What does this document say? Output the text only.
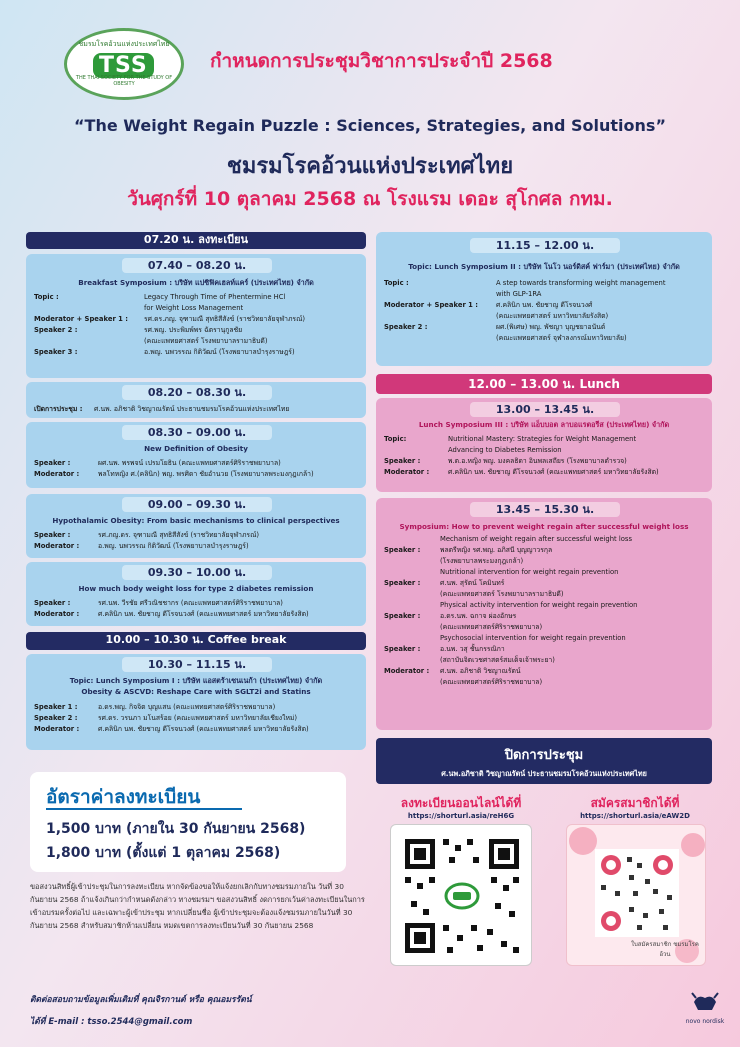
ชมรมโรคอ้วนแห่งประเทศไทย
TSS
THE THAI SOCIETY FOR THE STUDY OF OBESITY
กำหนดการประชุมวิชาการประจำปี 2568
“The Weight Regain Puzzle : Sciences, Strategies, and Solutions”
ชมรมโรคอ้วนแห่งประเทศไทย
วันศุกร์ที่ 10 ตุลาคม 2568 ณ โรงแรม เดอะ สุโกศล กทม.
07.20 น. ลงทะเบียน
07.40 – 08.20 น.
Breakfast Symposium : บริษัท แปซิฟิคเฮลท์แคร์ (ประเทศไทย) จำกัด
Topic :	Legacy Through Time of Phentermine HCl
for Weight Loss Management
Moderator + Speaker 1 : รศ.ดร.ภญ. จุฑามณี สุทธิสีสังข์ (ราชวิทยาลัยจุฬาภรณ์)
Speaker 2 :	รศ.พญ. ประพิมพ์พร ฉัตรานุกูลชัย
(คณะแพทยศาสตร์ โรงพยาบาลรามาธิบดี)
Speaker 3 :	อ.พญ. นพวรรณ กิติวัฒน์ (โรงพยาบาลบำรุงราษฎร์)
08.20 – 08.30 น.
เปิดการประชุม : ศ.นพ. อภิชาติ วิชญาณรัตน์ ประธานชมรมโรคอ้วนแห่งประเทศไทย
08.30 – 09.00 น.
New Definition of Obesity
Speaker :	ผศ.นพ. พรพจน์ เปรมโยธิน (คณะแพทยศาสตร์ศิริราชพยาบาล)
Moderator :	พลโทหญิง ศ.(คลินิก) พญ. พรศิดา ชัยอำนวย (โรงพยาบาลพระมงกุฎเกล้า)
09.00 – 09.30 น.
Hypothalamic Obesity: From basic mechanisms to clinical perspectives
Speaker :	รศ.ภญ.ดร. จุฑามณี สุทธิสีสังข์ (ราชวิทยาลัยจุฬาภรณ์)
Moderator :	อ.พญ. นพวรรณ กิติวัฒน์ (โรงพยาบาลบำรุงราษฎร์)
09.30 – 10.00 น.
How much body weight loss for type 2 diabetes remission
Speaker :	รศ.นพ. วีรชัย ศรีวณิชชากร (คณะแพทยศาสตร์ศิริราชพยาบาล)
Moderator :	ศ.คลินิก นพ. ชัยชาญ ดีโรจนวงศ์ (คณะแพทยศาสตร์ มหาวิทยาลัยรังสิต)
10.00 – 10.30 น. Coffee break
10.30 – 11.15 น.
Topic: Lunch Symposium I : บริษัท แอสตร้าเซนเนก้า (ประเทศไทย) จำกัด
Obesity & ASCVD: Reshape Care with SGLT2i and Statins
Speaker 1 :	อ.ดร.พญ. กิจจิต บุญแสน (คณะแพทยศาสตร์ศิริราชพยาบาล)
Speaker 2 :	รศ.ดร. วรนภา มโนสร้อย (คณะแพทยศาสตร์ มหาวิทยาลัยเชียงใหม่)
Moderator :	ศ.คลินิก นพ. ชัยชาญ ดีโรจนวงศ์ (คณะแพทยศาสตร์ มหาวิทยาลัยรังสิต)
11.15 – 12.00 น.
Topic: Lunch Symposium II : บริษัท โนโว นอร์ดิสค์ ฟาร์มา (ประเทศไทย) จำกัด
Topic :	A step towards transforming weight management
with GLP-1RA
Moderator + Speaker 1 :	ศ.คลินิก นพ. ชัยชาญ ดีโรจนวงศ์
(คณะแพทยศาสตร์ มหาวิทยาลัยรังสิต)
Speaker 2 :	ผศ.(พิเศษ) พญ. พัชญา บุญชยาอนันต์
(คณะแพทยศาสตร์ จุฬาลงกรณ์มหาวิทยาลัย)
12.00 – 13.00 น. Lunch
13.00 – 13.45 น.
Lunch Symposium III : บริษัท แอ็บบอต ลาบอแรตอรีส (ประเทศไทย) จำกัด
Topic:	Nutritional Mastery: Strategies for Weight Management
Advancing to Diabetes Remission
Speaker :	พ.ต.อ.หญิง พญ. มงคลธิดา อินพลเสถียร (โรงพยาบาลตำรวจ)
Moderator :	ศ.คลินิก นพ. ชัยชาญ ดีโรจนวงศ์ (คณะแพทยศาสตร์ มหาวิทยาลัยรังสิต)
13.45 – 15.30 น.
Symposium: How to prevent weight regain after successful weight loss
Mechanism of weight regain after successful weight loss
Speaker :	พลตรีหญิง รศ.พญ. อภิสนี บุญญาวรกุล
(โรงพยาบาลพระมงกุฎเกล้า)
Nutritional intervention for weight regain prevention
Speaker :	ศ.นพ. สุรัตน์ โคมินทร์
(คณะแพทยศาสตร์ โรงพยาบาลรามาธิบดี)
Physical activity intervention for weight regain prevention
Speaker :	อ.ดร.นพ. ฉกาจ ผ่องอักษร
(คณะแพทยศาสตร์ศิริราชพยาบาล)
Psychosocial intervention for weight regain prevention
Speaker :	อ.นพ. วสุ ชั้นกรรณิกา
(สถาบันจิตเวชศาสตร์สมเด็จเจ้าพระยา)
Moderator : ศ.นพ. อภิชาติ วิชญาณรัตน์
(คณะแพทยศาสตร์ศิริราชพยาบาล)
ปิดการประชุม
ศ.นพ.อภิชาติ วิชญาณรัตน์ ประธานชมรมโรคอ้วนแห่งประเทศไทย
อัตราค่าลงทะเบียน

1,500 บาท (ภายใน 30 กันยายน 2568)

1,800 บาท (ตั้งแต่ 1 ตุลาคม 2568)

ขอสงวนสิทธิ์ผู้เข้าประชุมในการลงทะเบียน หากจัดข้องขอให้แจ้งยกเลิกกับทางชมรมภายใน วันที่ 30 กันยายน 2568 ถ้าแจ้งเกินกว่ากำหนดดังกล่าว ทางชมรมฯ ขอสงวนสิทธิ์ งดการยกเว้นค่าลงทะเบียนในการเข้าอบรมครั้งต่อไป และเฉพาะผู้เข้าประชุม หากเปลี่ยนชื่อ ผู้เข้าประชุมจะต้องแจ้งชมรมภายในวันที่ 30 กันยายน 2568 สำหรับสมาชิกห้ามเปลี่ยน หมดเขตการลงทะเบียนวันที่ 30 กันยายน 2568
ติดต่อสอบถามข้อมูลเพิ่มเติมที่ คุณจิรกานต์ หรือ คุณอมรรัตน์
ได้ที่ E-mail : tsso.2544@gmail.com
ลงทะเบียนออนไลน์ได้ที่
https://shorturl.asia/reH6G
สมัครสมาชิกได้ที่
https://shorturl.asia/eAW2D
ใบสมัครสมาชิก ชมรมโรคอ้วน
novo nordisk
